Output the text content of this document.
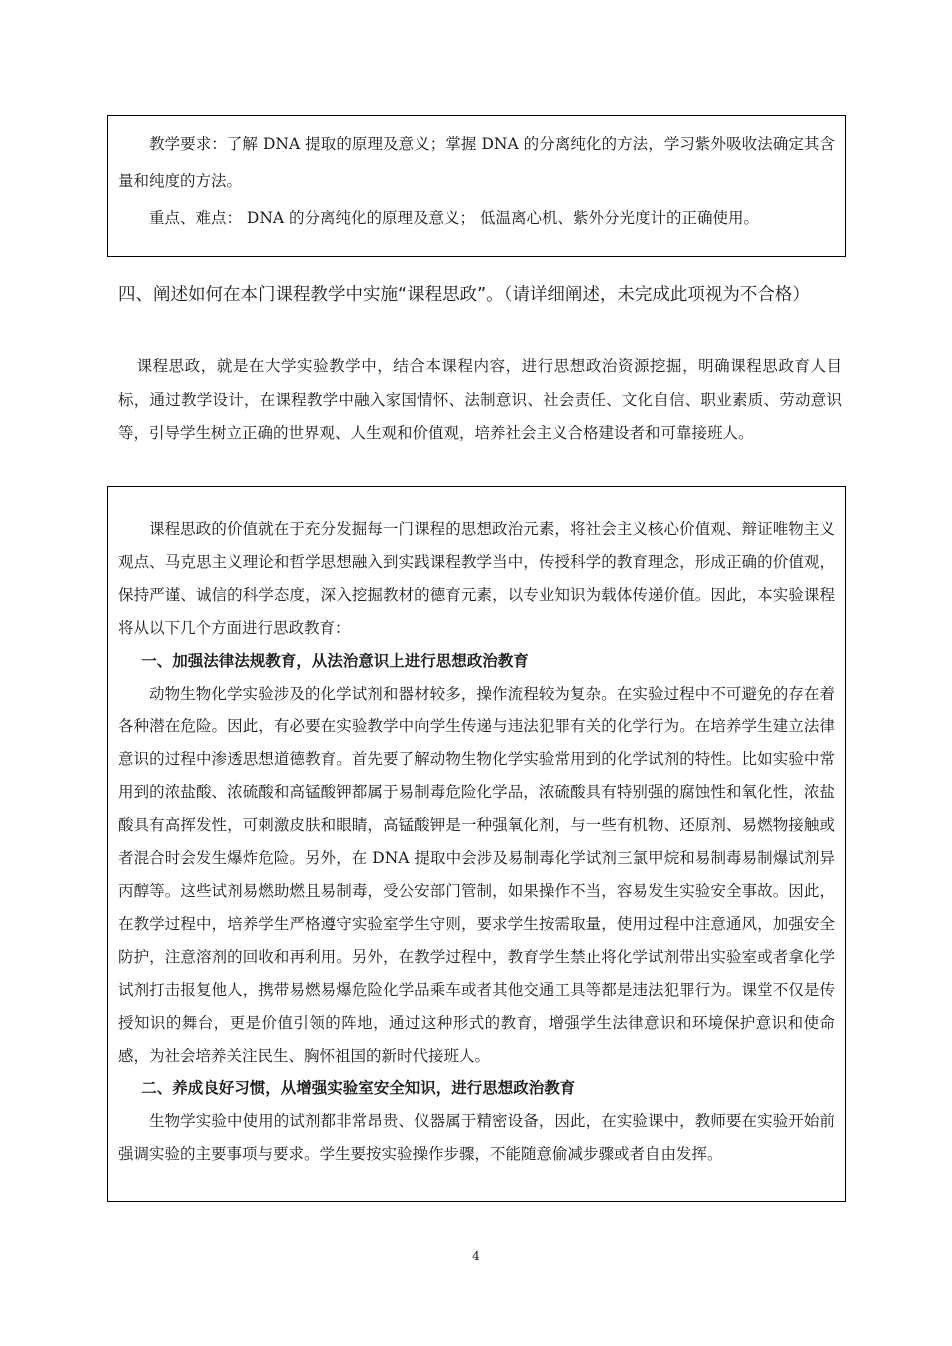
教学要求：了解 DNA 提取的原理及意义；掌握 DNA 的分离纯化的方法，学习紫外吸收法确定其含量和纯度的方法。

重点、难点： DNA 的分离纯化的原理及意义； 低温离心机、紫外分光度计的正确使用。

四、阐述如何在本门课程教学中实施“课程思政”。（请详细阐述，未完成此项视为不合格）

课程思政，就是在大学实验教学中，结合本课程内容，进行思想政治资源挖掘，明确课程思政育人目标，通过教学设计，在课程教学中融入家国情怀、法制意识、社会责任、文化自信、职业素质、劳动意识等，引导学生树立正确的世界观、人生观和价值观，培养社会主义合格建设者和可靠接班人。

课程思政的价值就在于充分发掘每一门课程的思想政治元素，将社会主义核心价值观、辩证唯物主义观点、马克思主义理论和哲学思想融入到实践课程教学当中，传授科学的教育理念，形成正确的价值观，保持严谨、诚信的科学态度，深入挖掘教材的德育元素，以专业知识为载体传递价值。因此，本实验课程将从以下几个方面进行思政教育：

一、加强法律法规教育，从法治意识上进行思想政治教育

动物生物化学实验涉及的化学试剂和器材较多，操作流程较为复杂。在实验过程中不可避免的存在着各种潜在危险。因此，有必要在实验教学中向学生传递与违法犯罪有关的化学行为。在培养学生建立法律意识的过程中渗透思想道德教育。首先要了解动物生物化学实验常用到的化学试剂的特性。比如实验中常用到的浓盐酸、浓硫酸和高锰酸钾都属于易制毒危险化学品，浓硫酸具有特别强的腐蚀性和氧化性，浓盐酸具有高挥发性，可刺激皮肤和眼睛，高锰酸钾是一种强氧化剂，与一些有机物、还原剂、易燃物接触或者混合时会发生爆炸危险。另外，在 DNA 提取中会涉及易制毒化学试剂三氯甲烷和易制毒易制爆试剂异丙醇等。这些试剂易燃助燃且易制毒，受公安部门管制，如果操作不当，容易发生实验安全事故。因此，在教学过程中，培养学生严格遵守实验室学生守则，要求学生按需取量，使用过程中注意通风，加强安全防护，注意溶剂的回收和再利用。另外，在教学过程中，教育学生禁止将化学试剂带出实验室或者拿化学试剂打击报复他人，携带易燃易爆危险化学品乘车或者其他交通工具等都是违法犯罪行为。课堂不仅是传授知识的舞台，更是价值引领的阵地，通过这种形式的教育，增强学生法律意识和环境保护意识和使命感，为社会培养关注民生、胸怀祖国的新时代接班人。

二、养成良好习惯，从增强实验室安全知识，进行思想政治教育

生物学实验中使用的试剂都非常昂贵、仪器属于精密设备，因此，在实验课中，教师要在实验开始前强调实验的主要事项与要求。学生要按实验操作步骤，不能随意偷减步骤或者自由发挥。

4
